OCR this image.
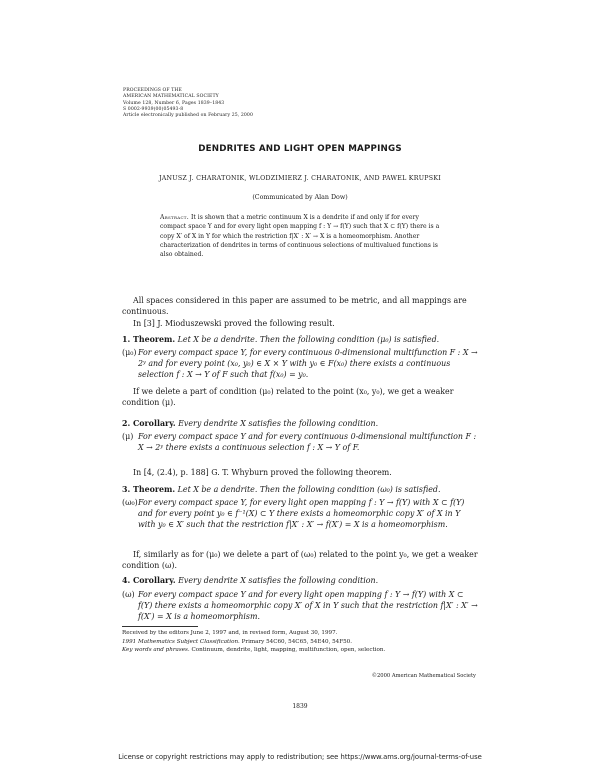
PROCEEDINGS OF THE
AMERICAN MATHEMATICAL SOCIETY
Volume 128, Number 6, Pages 1839–1843
S 0002-9939(00)05493-8
Article electronically published on February 25, 2000
DENDRITES AND LIGHT OPEN MAPPINGS
JANUSZ J. CHARATONIK, WLODZIMIERZ J. CHARATONIK, AND PAWEL KRUPSKI
(Communicated by Alan Dow)
Abstract. It is shown that a metric continuum X is a dendrite if and only if for every compact space Y and for every light open mapping f : Y → f(Y) such that X ⊂ f(Y) there is a copy X′ of X in Y for which the restriction f|X′ : X′ → X is a homeomorphism. Another characterization of dendrites in terms of continuous selections of multivalued functions is also obtained.
All spaces considered in this paper are assumed to be metric, and all mappings are continuous.
In [3] J. Mioduszewski proved the following result.
1. Theorem. Let X be a dendrite. Then the following condition (μ₀) is satisfied.
(μ₀) For every compact space Y, for every continuous 0-dimensional multifunction F : X → 2ʸ and for every point (x₀, y₀) ∈ X × Y with y₀ ∈ F(x₀) there exists a continuous selection f : X → Y of F such that f(x₀) = y₀.
If we delete a part of condition (μ₀) related to the point (x₀, y₀), we get a weaker condition (μ).
2. Corollary. Every dendrite X satisfies the following condition.
(μ) For every compact space Y and for every continuous 0-dimensional multifunction F : X → 2ʸ there exists a continuous selection f : X → Y of F.
In [4, (2.4), p. 188] G. T. Whyburn proved the following theorem.
3. Theorem. Let X be a dendrite. Then the following condition (ω₀) is satisfied.
(ω₀) For every compact space Y, for every light open mapping f : Y → f(Y) with X ⊂ f(Y) and for every point y₀ ∈ f⁻¹(X) ⊂ Y there exists a homeomorphic copy X′ of X in Y with y₀ ∈ X′ such that the restriction f|X′ : X′ → f(X′) = X is a homeomorphism.
If, similarly as for (μ₀) we delete a part of (ω₀) related to the point y₀, we get a weaker condition (ω).
4. Corollary. Every dendrite X satisfies the following condition.
(ω) For every compact space Y and for every light open mapping f : Y → f(Y) with X ⊂ f(Y) there exists a homeomorphic copy X′ of X in Y such that the restriction f|X′ : X′ → f(X′) = X is a homeomorphism.
Received by the editors June 2, 1997 and, in revised form, August 30, 1997.
1991 Mathematics Subject Classification. Primary 54C60, 54C65, 54E40, 54F50.
Key words and phrases. Continuum, dendrite, light, mapping, multifunction, open, selection.
©2000 American Mathematical Society
1839
License or copyright restrictions may apply to redistribution; see https://www.ams.org/journal-terms-of-use
